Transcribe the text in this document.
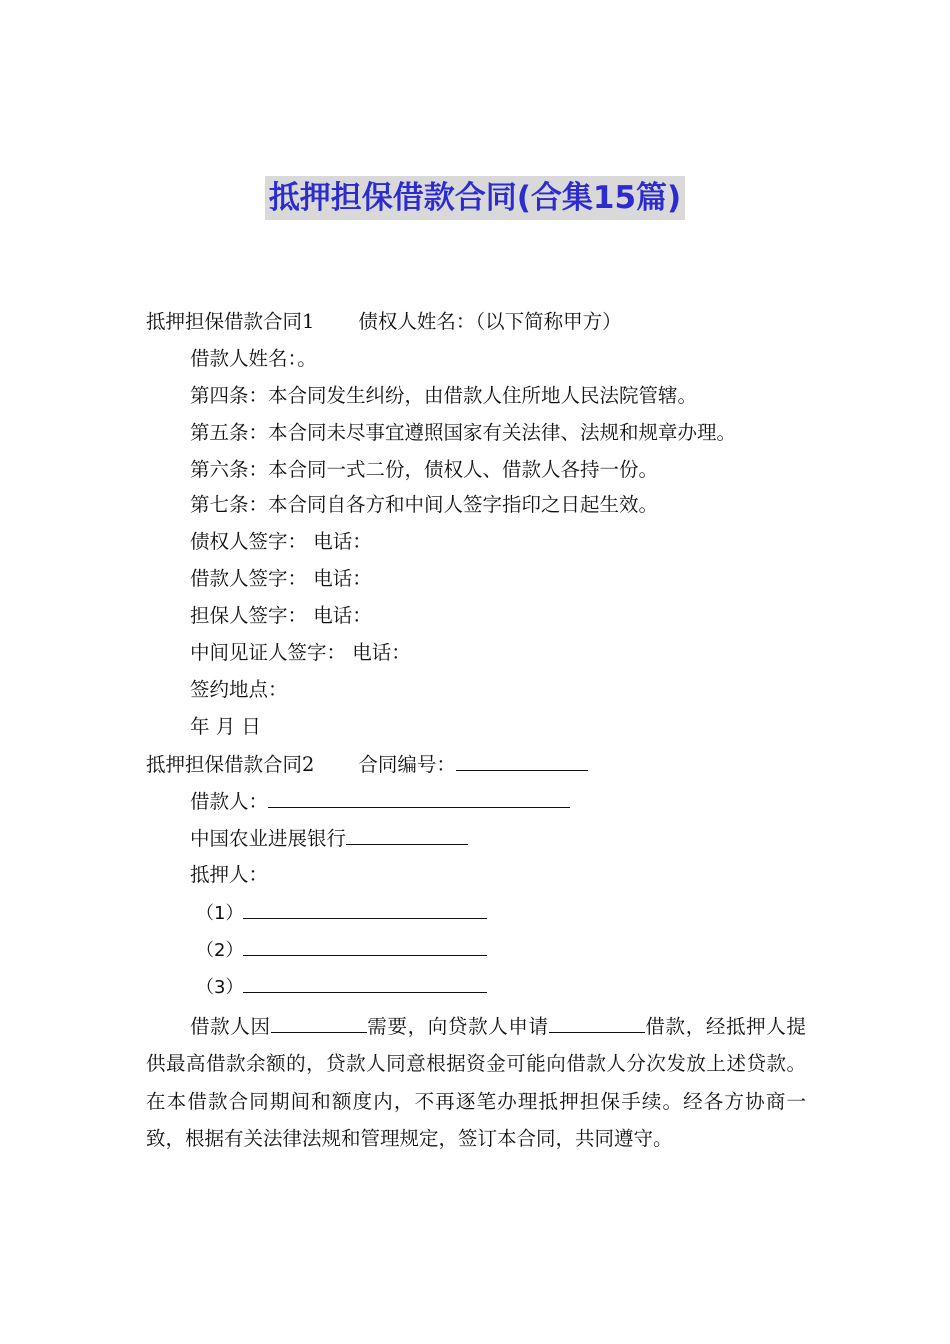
抵押担保借款合同(合集15篇)
抵押担保借款合同1 债权人姓名：（以下简称甲方）
借款人姓名：。
第四条：本合同发生纠纷，由借款人住所地人民法院管辖。
第五条：本合同未尽事宜遵照国家有关法律、法规和规章办理。
第六条：本合同一式二份，债权人、借款人各持一份。
第七条：本合同自各方和中间人签字指印之日起生效。
债权人签字： 电话：
借款人签字： 电话：
担保人签字： 电话：
中间见证人签字： 电话：
签约地点：
年 月 日
抵押担保借款合同2 合同编号：
借款人：
中国农业进展银行
抵押人：
（1）
（2）
（3）
借款人因	需要，向贷款人申请	借款，经抵押人提供最高借款余额的，贷款人同意根据资金可能向借款人分次发放上述贷款。在本借款合同期间和额度内，不再逐笔办理抵押担保手续。经各方协商一致，根据有关法律法规和管理规定，签订本合同，共同遵守。
